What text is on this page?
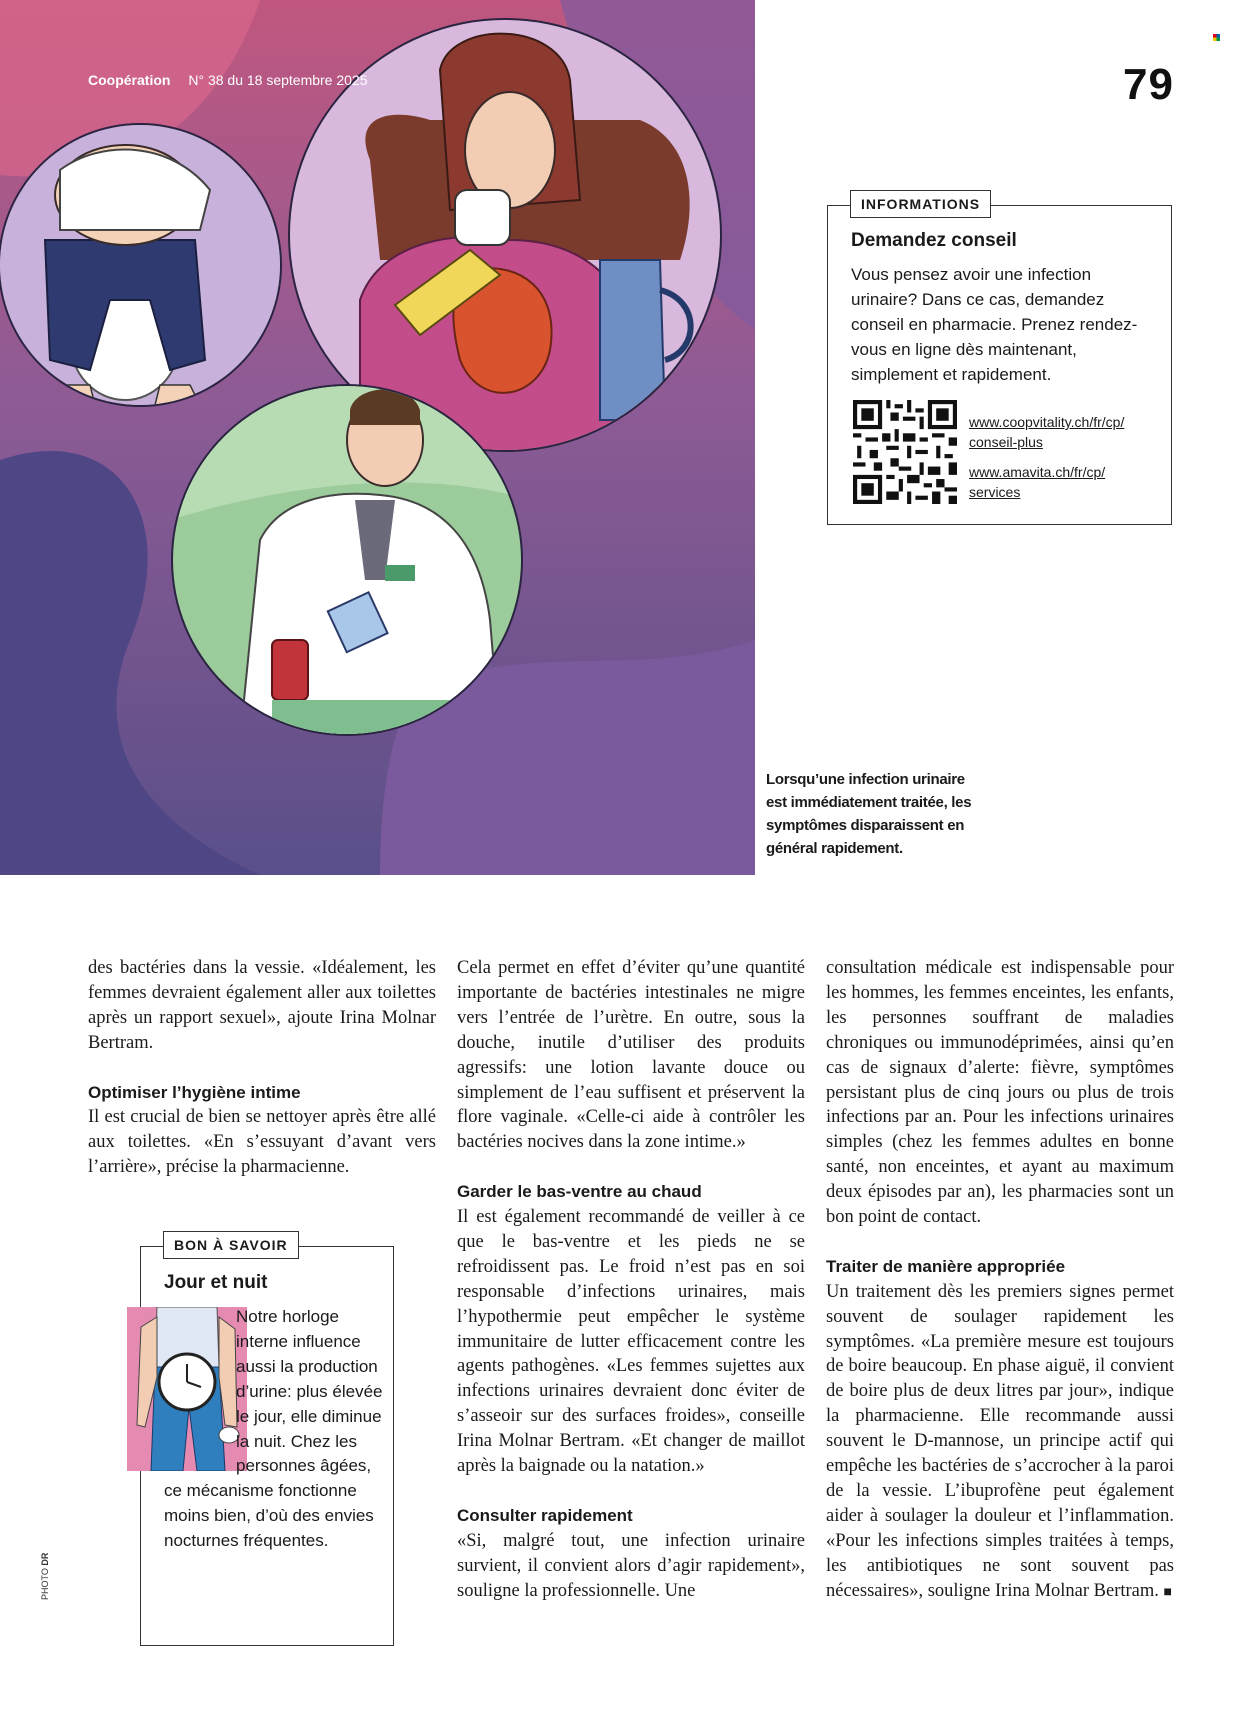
Coopération N° 38 du 18 septembre 2025	79
INFORMATIONS
Demandez conseil
Vous pensez avoir une infection urinaire? Dans ce cas, demandez conseil en pharmacie. Prenez rendez-vous en ligne dès maintenant, simplement et rapidement.
www.coopvitality.ch/fr/cp/
conseil-plus
www.amavita.ch/fr/cp/
services
Lorsqu’une infection urinaire est immédiatement traitée, les symptômes disparaissent en général rapidement.

des bactéries dans la vessie. «Idéalement, les femmes devraient également aller aux toilettes après un rapport sexuel», ajoute Irina Molnar Bertram.

Optimiser l’hygiène intime

Il est crucial de bien se nettoyer après être allé aux toilettes. «En s’essuyant d’avant vers l’arrière», précise la pharmacienne.

BON À SAVOIR
Jour et nuit
Notre horloge interne influence aussi la production d’urine: plus élevée le jour, elle diminue la nuit. Chez les personnes âgées, ce mécanisme fonctionne moins bien, d’où des envies nocturnes fréquentes.

Cela permet en effet d’éviter qu’une quantité importante de bactéries intestinales ne migre vers l’entrée de l’urètre. En outre, sous la douche, inutile d’utiliser des produits agressifs: une lotion lavante douce ou simplement de l’eau suffisent et préservent la flore vaginale. «Celle-ci aide à contrôler les bactéries nocives dans la zone intime.»

Garder le bas-ventre au chaud

Il est également recommandé de veiller à ce que le bas-ventre et les pieds ne se refroidissent pas. Le froid n’est pas en soi responsable d’infections urinaires, mais l’hypothermie peut empêcher le système immunitaire de lutter efficacement contre les agents pathogènes. «Les femmes sujettes aux infections urinaires devraient donc éviter de s’asseoir sur des surfaces froides», conseille Irina Molnar Bertram. «Et changer de maillot après la baignade ou la natation.»

Consulter rapidement

«Si, malgré tout, une infection urinaire survient, il convient alors d’agir rapidement», souligne la professionnelle. Une

consultation médicale est indispensable pour les hommes, les femmes enceintes, les enfants, les personnes souffrant de maladies chroniques ou immunodéprimées, ainsi qu’en cas de signaux d’alerte: fièvre, symptômes persistant plus de cinq jours ou plus de trois infections par an. Pour les infections urinaires simples (chez les femmes adultes en bonne santé, non enceintes, et ayant au maximum deux épisodes par an), les pharmacies sont un bon point de contact.

Traiter de manière appropriée

Un traitement dès les premiers signes permet souvent de soulager rapidement les symptômes. «La première mesure est toujours de boire beaucoup. En phase aiguë, il convient de boire plus de deux litres par jour», indique la pharmacienne. Elle recommande aussi souvent le D-mannose, un principe actif qui empêche les bactéries de s’accrocher à la paroi de la vessie. L’ibuprofène peut également aider à soulager la douleur et l’inflammation. «Pour les infections simples traitées à temps, les antibiotiques ne sont souvent pas nécessaires», souligne Irina Molnar Bertram. ■

PHOTO DR
